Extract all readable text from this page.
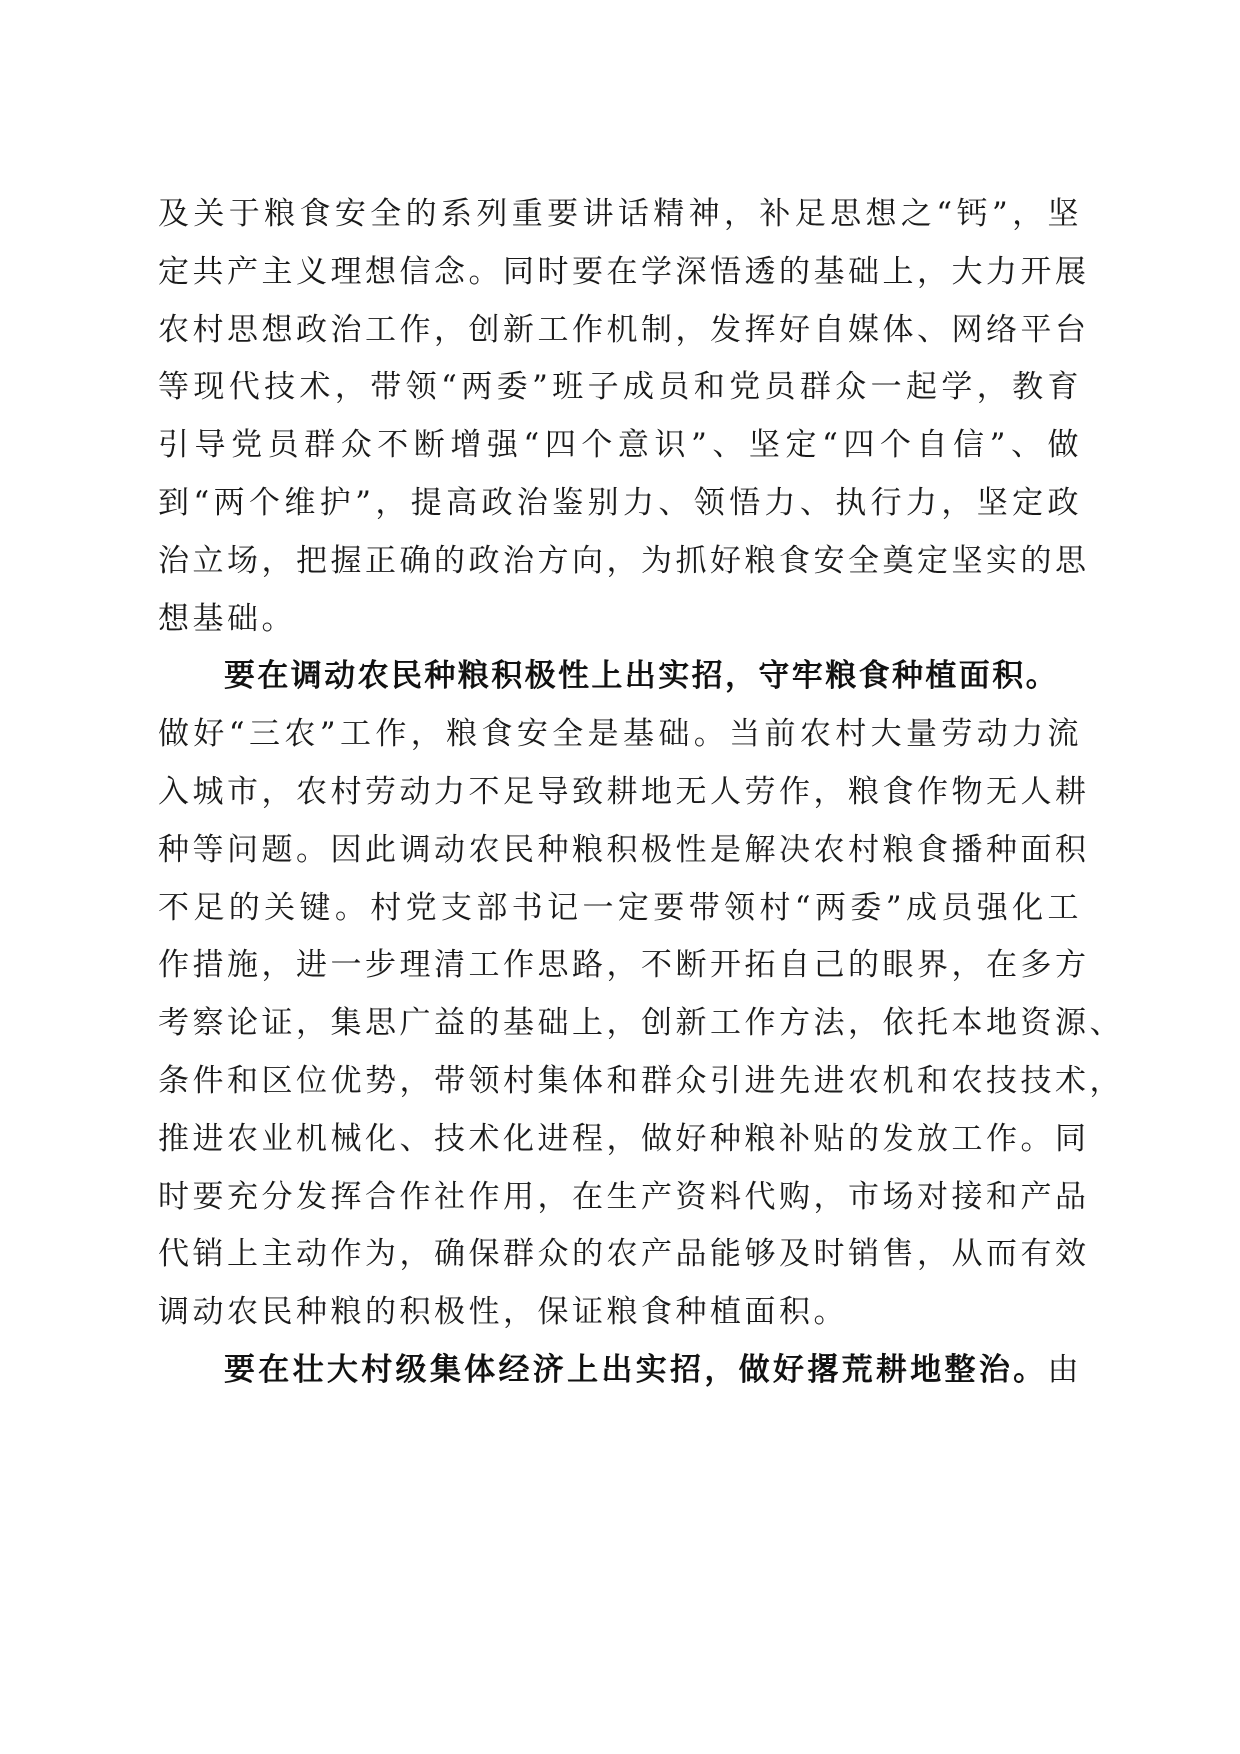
及关于粮食安全的系列重要讲话精神，补足思想之“钙”，坚
定共产主义理想信念。同时要在学深悟透的基础上，大力开展
农村思想政治工作，创新工作机制，发挥好自媒体、网络平台
等现代技术，带领“两委”班子成员和党员群众一起学，教育
引导党员群众不断增强“四个意识”、坚定“四个自信”、做
到“两个维护”，提高政治鉴别力、领悟力、执行力，坚定政
治立场，把握正确的政治方向，为抓好粮食安全奠定坚实的思
想基础。
要在调动农民种粮积极性上出实招，守牢粮食种植面积。
做好“三农”工作，粮食安全是基础。当前农村大量劳动力流
入城市，农村劳动力不足导致耕地无人劳作，粮食作物无人耕
种等问题。因此调动农民种粮积极性是解决农村粮食播种面积
不足的关键。村党支部书记一定要带领村“两委”成员强化工
作措施，进一步理清工作思路，不断开拓自己的眼界，在多方
考察论证，集思广益的基础上，创新工作方法，依托本地资源、
条件和区位优势，带领村集体和群众引进先进农机和农技技术，
推进农业机械化、技术化进程，做好种粮补贴的发放工作。同
时要充分发挥合作社作用，在生产资料代购，市场对接和产品
代销上主动作为，确保群众的农产品能够及时销售，从而有效
调动农民种粮的积极性，保证粮食种植面积。
要在壮大村级集体经济上出实招，做好撂荒耕地整治。由
